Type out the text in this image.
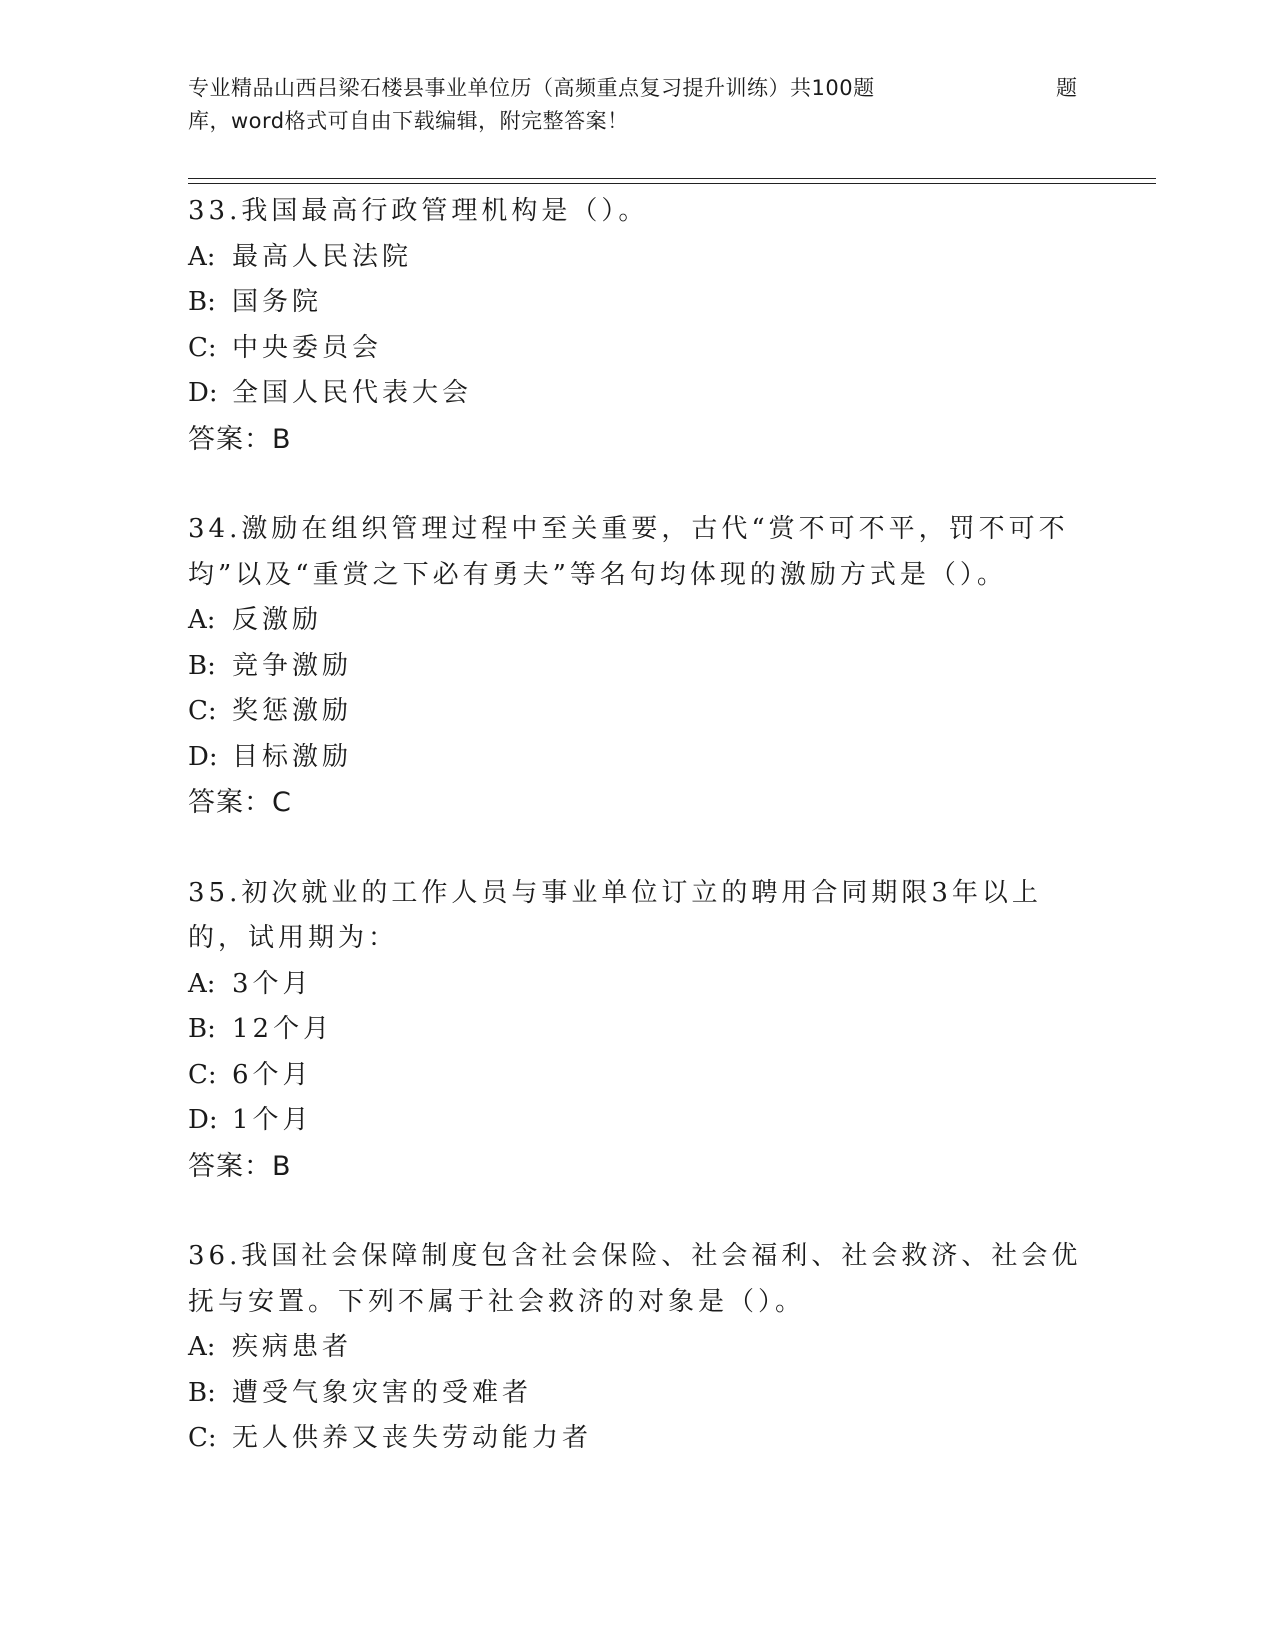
专业精品山西吕梁石楼县事业单位历（高频重点复习提升训练）共100题	题
库，word格式可自由下载编辑，附完整答案！
33.我国最高行政管理机构是（）。
A: 最高人民法院
B: 国务院
C: 中央委员会
D: 全国人民代表大会
答案：B
34.激励在组织管理过程中至关重要，古代“赏不可不平，罚不可不均”以及“重赏之下必有勇夫”等名句均体现的激励方式是（）。
A: 反激励
B: 竞争激励
C: 奖惩激励
D: 目标激励
答案：C
35.初次就业的工作人员与事业单位订立的聘用合同期限3年以上的，试用期为：
A: 3个月
B: 12个月
C: 6个月
D: 1个月
答案：B
36.我国社会保障制度包含社会保险、社会福利、社会救济、社会优抚与安置。下列不属于社会救济的对象是（）。
A: 疾病患者
B: 遭受气象灾害的受难者
C: 无人供养又丧失劳动能力者
